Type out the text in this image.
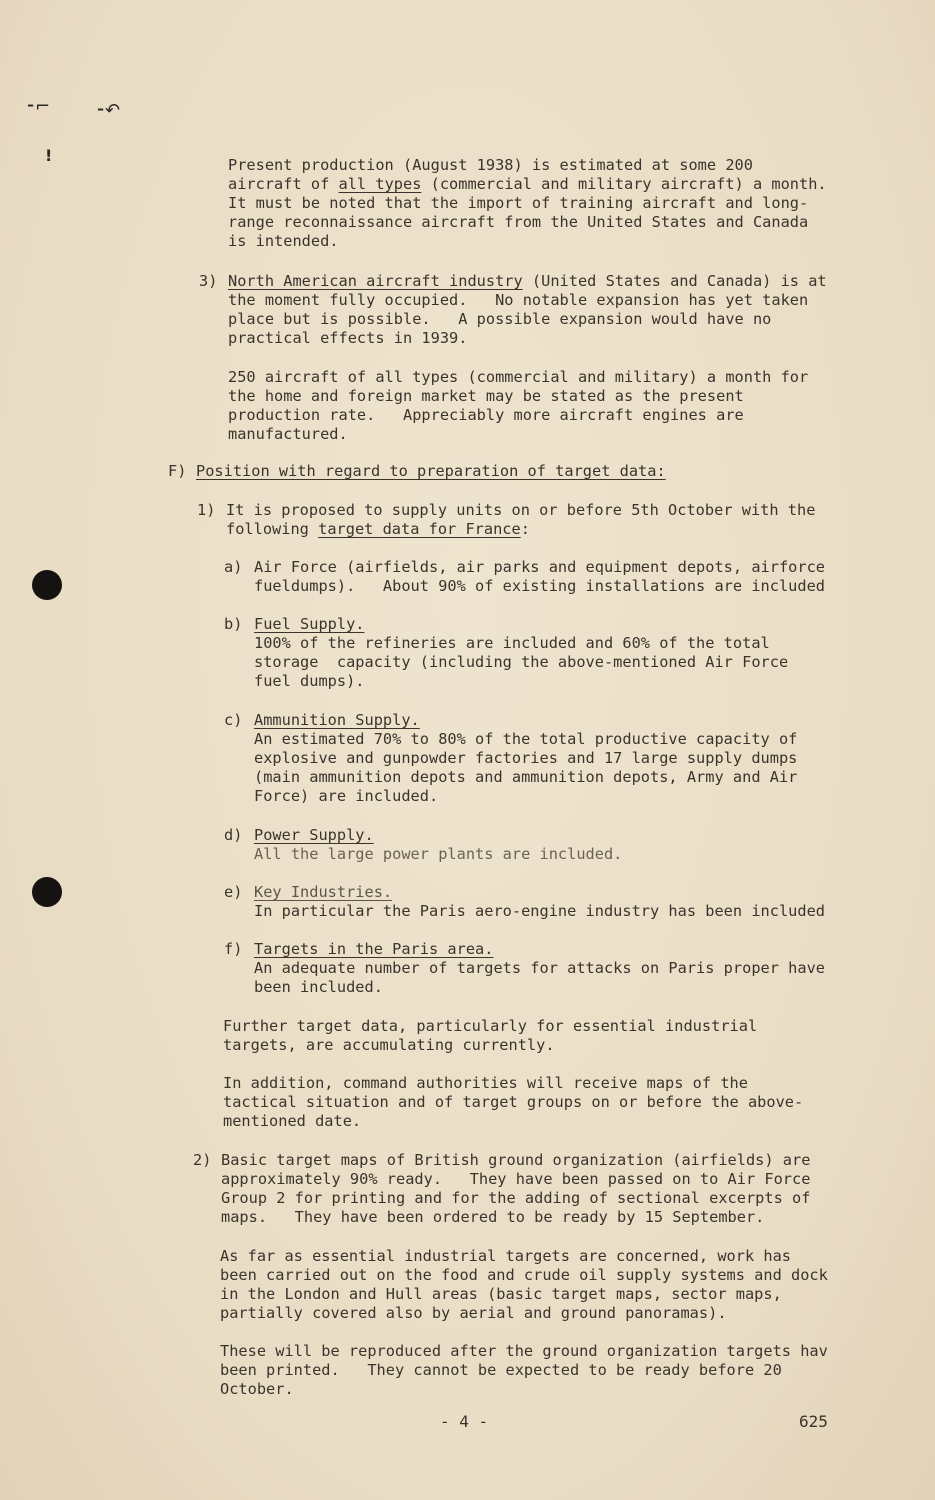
⁃⌐	⁃↶
!	Present production (August 1938) is estimated at some 200
aircraft of all types (commercial and military aircraft) a month.
It must be noted that the import of training aircraft and long-
range reconnaissance aircraft from the United States and Canada
is intended.
3) North American aircraft industry (United States and Canada) is at
the moment fully occupied.   No notable expansion has yet taken
place but is possible.   A possible expansion would have no
practical effects in 1939.
250 aircraft of all types (commercial and military) a month for
the home and foreign market may be stated as the present
production rate.   Appreciably more aircraft engines are
manufactured.
F) Position with regard to preparation of target data:
1) It is proposed to supply units on or before 5th October with the
following target data for France:
a) Air Force (airfields, air parks and equipment depots, airforce
fueldumps).   About 90% of existing installations are included
b) Fuel Supply.
100% of the refineries are included and 60% of the total
storage  capacity (including the above-mentioned Air Force
fuel dumps).
c) Ammunition Supply.
An estimated 70% to 80% of the total productive capacity of
explosive and gunpowder factories and 17 large supply dumps
(main ammunition depots and ammunition depots, Army and Air
Force) are included.
d) Power Supply.
All the large power plants are included.
e) Key Industries.
In particular the Paris aero-engine industry has been included
f) Targets in the Paris area.
An adequate number of targets for attacks on Paris proper have
been included.
Further target data, particularly for essential industrial
targets, are accumulating currently.
In addition, command authorities will receive maps of the
tactical situation and of target groups on or before the above-
mentioned date.
2) Basic target maps of British ground organization (airfields) are
approximately 90% ready.   They have been passed on to Air Force
Group 2 for printing and for the adding of sectional excerpts of
maps.   They have been ordered to be ready by 15 September.
As far as essential industrial targets are concerned, work has
been carried out on the food and crude oil supply systems and dock
in the London and Hull areas (basic target maps, sector maps,
partially covered also by aerial and ground panoramas).
These will be reproduced after the ground organization targets hav
been printed.   They cannot be expected to be ready before 20
October.
- 4 -	625
